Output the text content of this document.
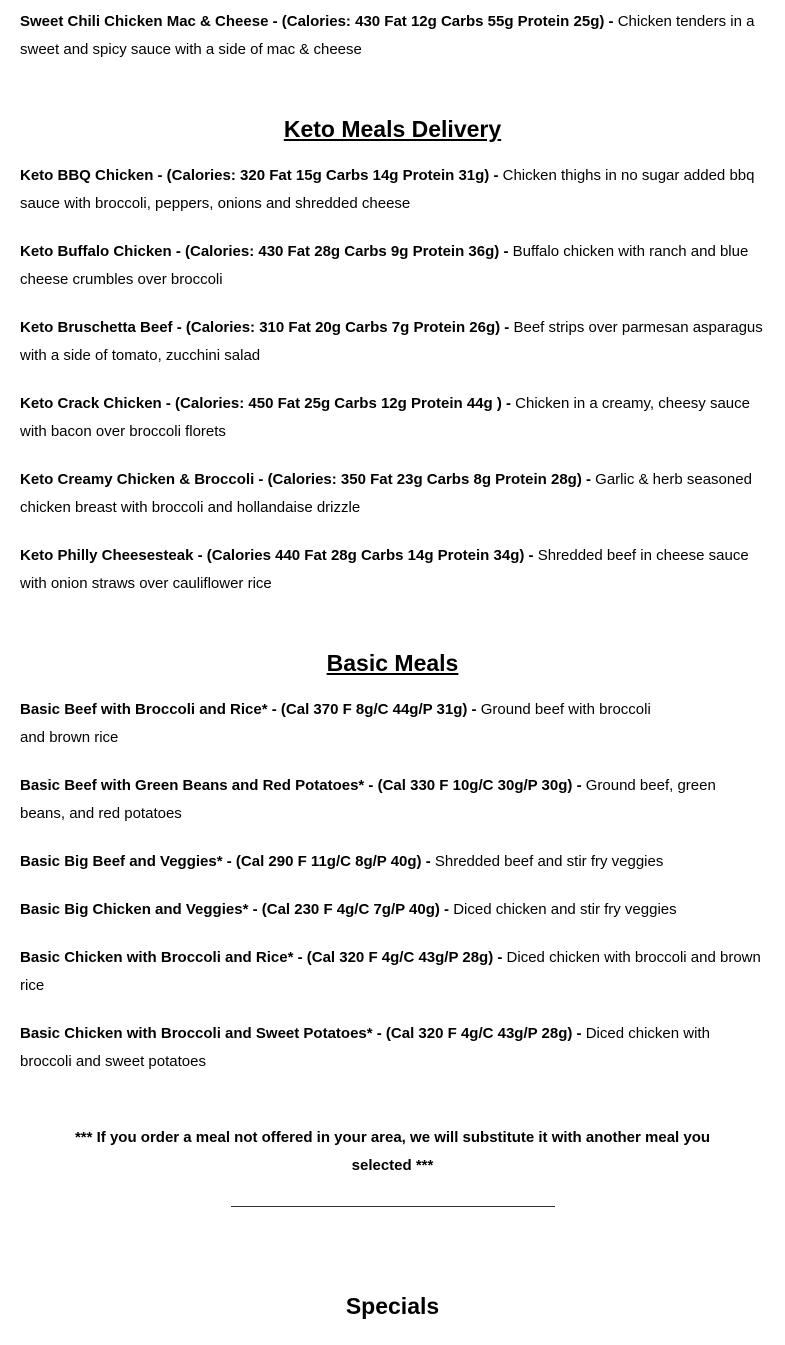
Sweet Chili Chicken Mac & Cheese - (Calories: 430 Fat 12g Carbs 55g Protein 25g) - Chicken tenders in a sweet and spicy sauce with a side of mac & cheese

Keto Meals Delivery

Keto BBQ Chicken - (Calories: 320 Fat 15g Carbs 14g Protein 31g) - Chicken thighs in no sugar added bbq sauce with broccoli, peppers, onions and shredded cheese

Keto Buffalo Chicken - (Calories: 430 Fat 28g Carbs 9g Protein 36g) - Buffalo chicken with ranch and blue cheese crumbles over broccoli

Keto Bruschetta Beef - (Calories: 310 Fat 20g Carbs 7g Protein 26g) - Beef strips over parmesan asparagus with a side of tomato, zucchini salad

Keto Crack Chicken - (Calories: 450 Fat 25g Carbs 12g Protein 44g ) - Chicken in a creamy, cheesy sauce with bacon over broccoli florets

Keto Creamy Chicken & Broccoli - (Calories: 350 Fat 23g Carbs 8g Protein 28g) - Garlic & herb seasoned chicken breast with broccoli and hollandaise drizzle

Keto Philly Cheesesteak - (Calories 440 Fat 28g Carbs 14g Protein 34g) - Shredded beef in cheese sauce with onion straws over cauliflower rice

Basic Meals

Basic Beef with Broccoli and Rice* - (Cal 370 F 8g/C 44g/P 31g) - Ground beef with broccoli
and brown rice

Basic Beef with Green Beans and Red Potatoes* - (Cal 330 F 10g/C 30g/P 30g) - Ground beef, green beans, and red potatoes

Basic Big Beef and Veggies* - (Cal 290 F 11g/C 8g/P 40g) - Shredded beef and stir fry veggies

Basic Big Chicken and Veggies* - (Cal 230 F 4g/C 7g/P 40g) - Diced chicken and stir fry veggies

Basic Chicken with Broccoli and Rice* - (Cal 320 F 4g/C 43g/P 28g) - Diced chicken with broccoli and brown rice

Basic Chicken with Broccoli and Sweet Potatoes* - (Cal 320 F 4g/C 43g/P 28g) - Diced chicken with broccoli and sweet potatoes

*** If you order a meal not offered in your area, we will substitute it with another meal you selected ***

Specials
